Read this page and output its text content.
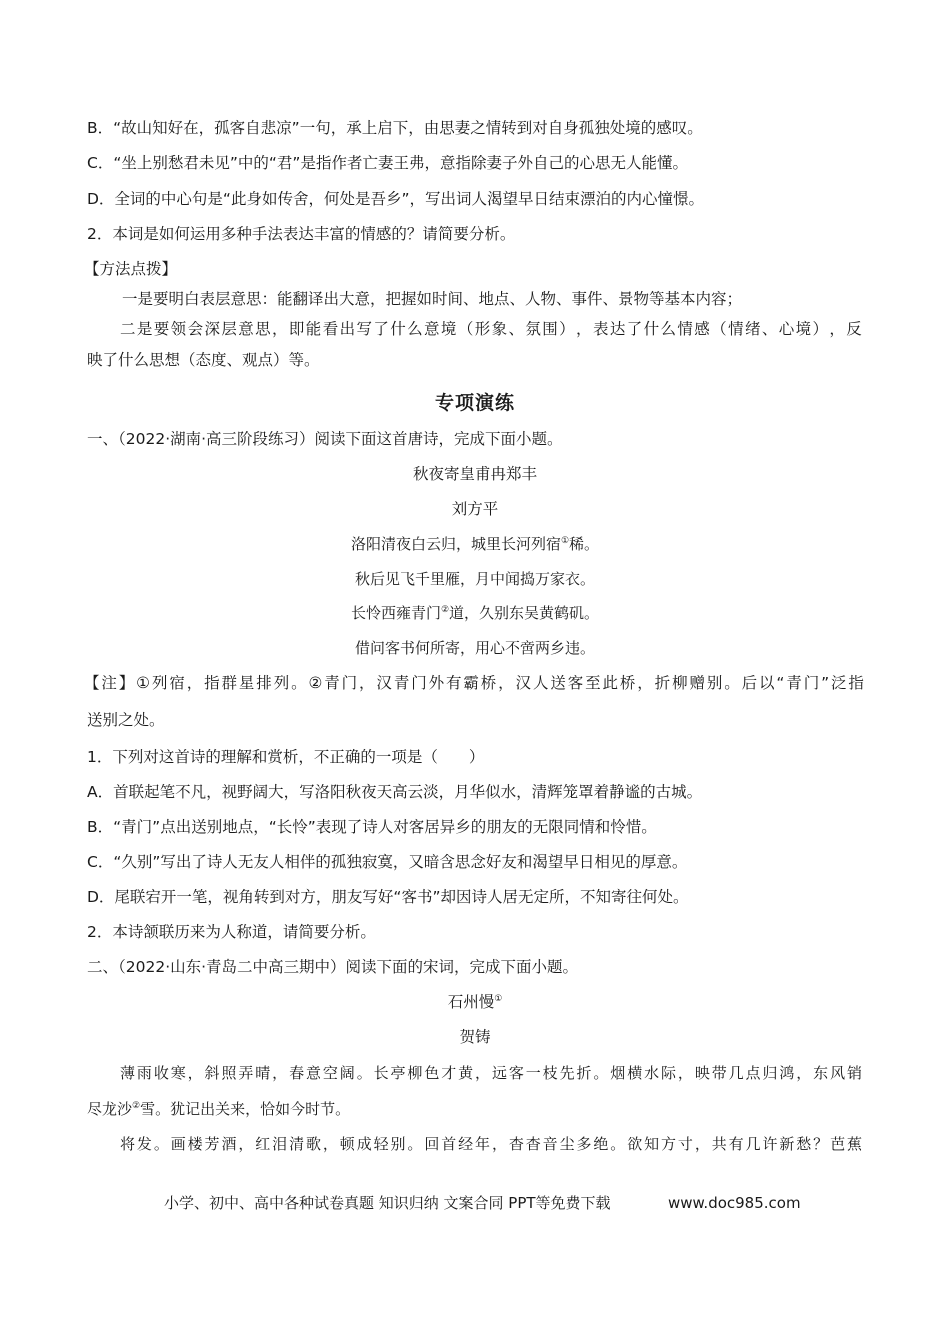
B．“故山知好在，孤客自悲凉”一句，承上启下，由思妻之情转到对自身孤独处境的感叹。
C．“坐上别愁君未见”中的“君”是指作者亡妻王弗，意指除妻子外自己的心思无人能懂。
D．全词的中心句是“此身如传舍，何处是吾乡”，写出词人渴望早日结束漂泊的内心憧憬。
2．本词是如何运用多种手法表达丰富的情感的？请简要分析。
【方法点拨】
一是要明白表层意思：能翻译出大意，把握如时间、地点、人物、事件、景物等基本内容；
二 是 要 领 会 深 层 意 思 ， 即 能 看 出 写 了 什 么 意 境 （ 形 象 、 氛 围 ） ， 表 达 了 什 么 情 感 （ 情 绪 、 心 境 ） ， 反
映了什么思想（态度、观点）等。
专项演练
一、（2022·湖南·高三阶段练习）阅读下面这首唐诗，完成下面小题。
秋夜寄皇甫冉郑丰
刘方平
洛阳清夜白云归，城里长河列宿①稀。
秋后见飞千里雁，月中闻捣万家衣。
长怜西雍青门②道，久别东吴黄鹤矶。
借问客书何所寄，用心不啻两乡违。
【 注 】 ① 列 宿 ， 指 群 星 排 列 。 ② 青 门 ， 汉 青 门 外 有 霸 桥 ， 汉 人 送 客 至 此 桥 ， 折 柳 赠 别 。 后 以 “ 青 门 ” 泛 指
送别之处。
1．下列对这首诗的理解和赏析，不正确的一项是（　　）
A．首联起笔不凡，视野阔大，写洛阳秋夜天高云淡，月华似水，清辉笼罩着静谧的古城。
B．“青门”点出送别地点，“长怜”表现了诗人对客居异乡的朋友的无限同情和怜惜。
C．“久别”写出了诗人无友人相伴的孤独寂寞，又暗含思念好友和渴望早日相见的厚意。
D．尾联宕开一笔，视角转到对方，朋友写好“客书”却因诗人居无定所，不知寄往何处。
2．本诗颔联历来为人称道，请简要分析。
二、（2022·山东·青岛二中高三期中）阅读下面的宋词，完成下面小题。
石州慢①
贺铸
薄 雨 收 寒 ， 斜 照 弄 晴 ， 春 意 空 阔 。 长 亭 柳 色 才 黄 ， 远 客 一 枝 先 折 。 烟 横 水 际 ， 映 带 几 点 归 鸿 ， 东 风 销
尽龙沙②雪。犹记出关来，恰如今时节。
将 发 。 画 楼 芳 酒 ， 红 泪 清 歌 ， 顿 成 轻 别 。 回 首 经 年 ， 杳 杳 音 尘 多 绝 。 欲 知 方 寸 ， 共 有 几 许 新 愁 ？ 芭 蕉
小学、初中、高中各种试卷真题 知识归纳 文案合同 PPT等免费下载	www.doc985.com
